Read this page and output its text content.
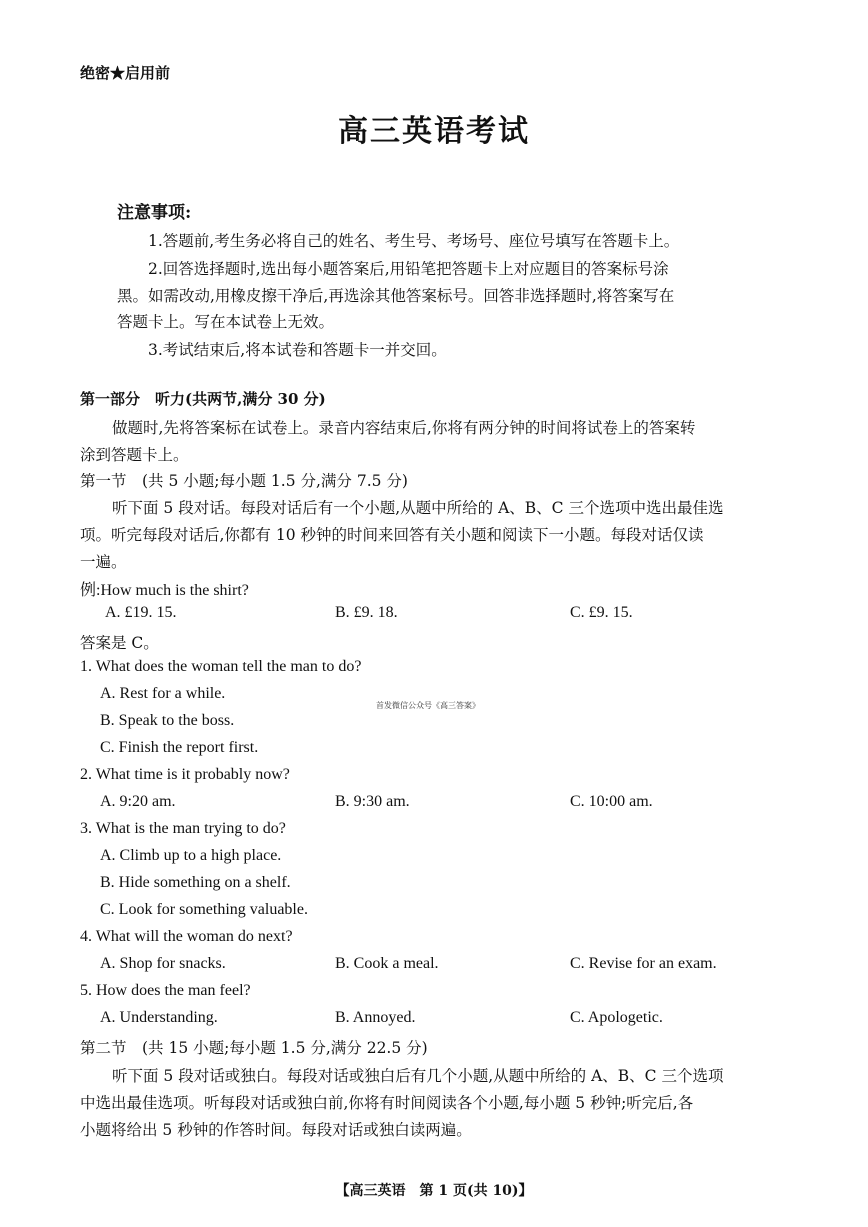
绝密★启用前
高三英语考试
注意事项:
1.答题前,考生务必将自己的姓名、考生号、考场号、座位号填写在答题卡上。
2.回答选择题时,选出每小题答案后,用铅笔把答题卡上对应题目的答案标号涂
黑。如需改动,用橡皮擦干净后,再选涂其他答案标号。回答非选择题时,将答案写在
答题卡上。写在本试卷上无效。
3.考试结束后,将本试卷和答题卡一并交回。
第一部分　听力(共两节,满分 30 分)
做题时,先将答案标在试卷上。录音内容结束后,你将有两分钟的时间将试卷上的答案转
涂到答题卡上。
第一节　(共 5 小题;每小题 1.5 分,满分 7.5 分)
听下面 5 段对话。每段对话后有一个小题,从题中所给的 A、B、C 三个选项中选出最佳选
项。听完每段对话后,你都有 10 秒钟的时间来回答有关小题和阅读下一小题。每段对话仅读
一遍。
例:How much is the shirt?
A. £19. 15.	B. £9. 18.	C. £9. 15.
答案是 C。
1. What does the woman tell the man to do?
A. Rest for a while.
B. Speak to the boss.
C. Finish the report first.
首发微信公众号《高三答案》
2. What time is it probably now?
A. 9:20 am.	B. 9:30 am.	C. 10:00 am.
3. What is the man trying to do?
A. Climb up to a high place.
B. Hide something on a shelf.
C. Look for something valuable.
4. What will the woman do next?
A. Shop for snacks.	B. Cook a meal.	C. Revise for an exam.
5. How does the man feel?
A. Understanding.	B. Annoyed.	C. Apologetic.
第二节　(共 15 小题;每小题 1.5 分,满分 22.5 分)
听下面 5 段对话或独白。每段对话或独白后有几个小题,从题中所给的 A、B、C 三个选项
中选出最佳选项。听每段对话或独白前,你将有时间阅读各个小题,每小题 5 秒钟;听完后,各
小题将给出 5 秒钟的作答时间。每段对话或独白读两遍。
【高三英语　第 1 页(共 10)】
